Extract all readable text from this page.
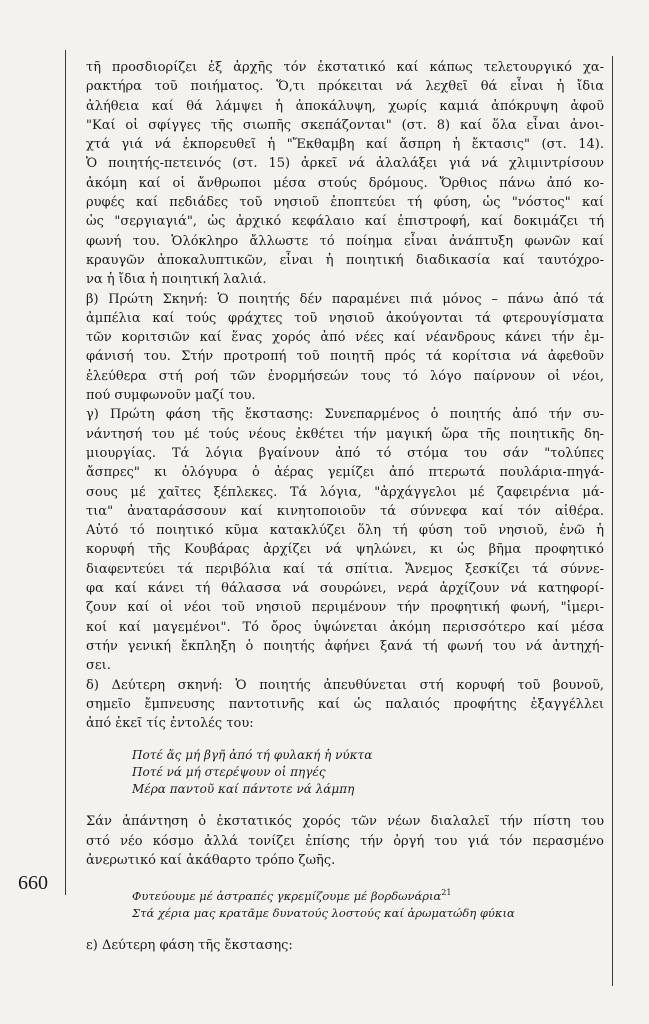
660

τῆ προσδιορίζει ἐξ ἀρχῆς τόν ἐκστατικό καί κάπως τελετουργικό χα-
ρακτήρα τοῦ ποιήματος. Ὅ,τι πρόκειται νά λεχθεῖ θά εἶναι ἡ ἴδια
ἀλήθεια καί θά λάμψει ἡ ἀποκάλυψη, χωρίς καμιά ἀπόκρυψη ἀφοῦ
"Καί οἱ σφίγγες τῆς σιωπῆς σκεπάζονται" (στ. 8) καί ὅλα εἶναι ἀνοι-
χτά γιά νά ἐκπορευθεῖ ἡ "Ἔκθαμβη καί ἄσπρη ἡ ἔκτασις" (στ. 14).
Ὁ ποιητής-πετεινός (στ. 15) ἀρκεῖ νά ἀλαλάξει γιά νά χλιμιντρίσουν
ἀκόμη καί οἱ ἄνθρωποι μέσα στούς δρόμους. Ὄρθιος πάνω ἀπό κο-
ρυφές καί πεδιάδες τοῦ νησιοῦ ἐποπτεύει τή φύση, ὡς "νόστος" καί
ὡς "σεργιαγιά", ὡς ἀρχικό κεφάλαιο καί ἐπιστροφή, καί δοκιμάζει τή
φωνή του. Ὁλόκληρο ἄλλωστε τό ποίημα εἶναι ἀνάπτυξη φωνῶν καί
κραυγῶν ἀποκαλυπτικῶν, εἶναι ἡ ποιητική διαδικασία καί ταυτόχρο-
να ἡ ἴδια ἡ ποιητική λαλιά.

β) Πρώτη Σκηνή: Ὁ ποιητής δέν παραμένει πιά μόνος – πάνω ἀπό τά
ἀμπέλια καί τούς φράχτες τοῦ νησιοῦ ἀκούγονται τά φτερουγίσματα
τῶν κοριτσιῶν καί ἕνας χορός ἀπό νέες καί νέανδρους κάνει τήν ἐμ-
φάνισή του. Στήν προτροπή τοῦ ποιητῆ πρός τά κορίτσια νά ἀφεθοῦν
ἐλεύθερα στή ροή τῶν ἐνορμήσεών τους τό λόγο παίρνουν οἱ νέοι,
πού συμφωνοῦν μαζί του.

γ) Πρώτη φάση τῆς ἔκστασης: Συνεπαρμένος ὁ ποιητής ἀπό τήν συ-
νάντησή του μέ τούς νέους ἐκθέτει τήν μαγική ὥρα τῆς ποιητικῆς δη-
μιουργίας. Τά λόγια βγαίνουν ἀπό τό στόμα του σάν "τολύπες
ἄσπρες" κι ὁλόγυρα ὁ ἀέρας γεμίζει ἀπό πτερωτά πουλάρια-πηγά-
σους μέ χαῖτες ξέπλεκες. Τά λόγια, "ἀρχάγγελοι μέ ζαφειρένια μά-
τια" ἀναταράσσουν καί κινητοποιοῦν τά σύννεφα καί τόν αἰθέρα.
Αὐτό τό ποιητικό κῦμα κατακλύζει ὅλη τή φύση τοῦ νησιοῦ, ἐνῶ ἡ
κορυφή τῆς Κουβάρας ἀρχίζει νά ψηλώνει, κι ὡς βῆμα προφητικό
διαφεντεύει τά περιβόλια καί τά σπίτια. Ἄνεμος ξεσκίζει τά σύννε-
φα καί κάνει τή θάλασσα νά σουρώνει, νερά ἀρχίζουν νά κατηφορί-
ζουν καί οἱ νέοι τοῦ νησιοῦ περιμένουν τήν προφητική φωνή, "ἱμερι-
κοί καί μαγεμένοι". Τό ὄρος ὑψώνεται ἀκόμη περισσότερο καί μέσα
στήν γενική ἔκπληξη ὁ ποιητής ἀφήνει ξανά τή φωνή του νά ἀντηχή-
σει.

δ) Δεύτερη σκηνή: Ὁ ποιητής ἀπευθύνεται στή κορυφή τοῦ βουνοῦ,
σημεῖο ἔμπνευσης παντοτινῆς καί ὡς παλαιός προφήτης ἐξαγγέλλει
ἀπό ἐκεῖ τίς ἐντολές του:

Ποτέ ἄς μή βγῆ ἀπό τή φυλακή ἡ νύκτα
Ποτέ νά μή στερέψουν οἱ πηγές
Μέρα παντοῦ καί πάντοτε νά λάμπη

Σάν ἀπάντηση ὁ ἐκστατικός χορός τῶν νέων διαλαλεῖ τήν πίστη του
στό νέο κόσμο ἀλλά τονίζει ἐπίσης τήν ὀργή του γιά τόν περασμένο
ἀνερωτικό καί ἀκάθαρτο τρόπο ζωῆς.

Φυτεύουμε μέ ἀστραπές γκρεμίζουμε μέ βορδωνάρια$^{21}$
Στά χέρια μας κρατᾶμε δυνατούς λοστούς καί ἀρωματώδη φύκια

ε) Δεύτερη φάση τῆς ἔκστασης:
